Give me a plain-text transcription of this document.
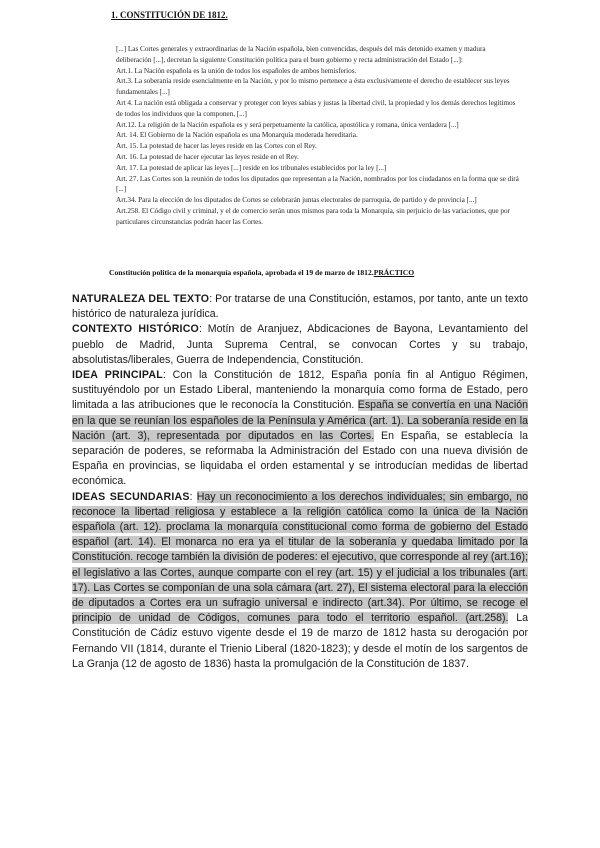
1. CONSTITUCIÓN DE 1812.

[...] Las Cortes generales y extraordinarias de la Nación española, bien convencidas, después del más detenido examen y madura deliberación [...], decretan la siguiente Constitución política para el buen gobierno y recta administración del Estado [...]:

Art.1. La Nación española es la unión de todos los españoles de ambos hemisferios.

Art.3. La soberanía reside esencialmente en la Nación, y por lo mismo pertenece a ésta exclusivamente el derecho de establecer sus leyes fundamentales [...]

Art 4. La nación está obligada a conservar y proteger con leyes sabias y justas la libertad civil, la propiedad y los demás derechos legítimos de todos los individuos que la componen, [...]

Art.12. La religión de la Nación española es y será perpetuamente la católica, apostólica y romana, única verdadera [...]

Art. 14. El Gobierno de la Nación española es una Monarquía moderada hereditaria.

Art. 15. La potestad de hacer las leyes reside en las Cortes con el Rey.

Art. 16. La potestad de hacer ejecutar las leyes reside en el Rey.

Art. 17. La potestad de aplicar las leyes [...] reside en los tribunales establecidos por la ley [...]

Art. 27. Las Cortes son la reunión de todos los diputados que representan a la Nación, nombrados por los ciudadanos en la forma que se dirá [...]

Art.34. Para la elección de los diputados de Cortes se celebrarán juntas electorales de parroquia, de partido y de provincia [...]

Art.258. El Código civil y criminal, y el de comercio serán unos mismos para toda la Monarquía, sin perjuicio de las variaciones, que por particulares circunstancias podrán hacer las Cortes.

Constitución política de la monarquía española, aprobada el 19 de marzo de 1812.PRÁCTICO

NATURALEZA DEL TEXTO: Por tratarse de una Constitución, estamos, por tanto, ante un texto histórico de naturaleza jurídica.

CONTEXTO HISTÓRICO: Motín de Aranjuez, Abdicaciones de Bayona, Levantamiento del pueblo de Madrid, Junta Suprema Central, se convocan Cortes y su trabajo, absolutistas/liberales, Guerra de Independencia, Constitución.

IDEA PRINCIPAL: Con la Constitución de 1812, España ponía fin al Antiguo Régimen, sustituyéndolo por un Estado Liberal, manteniendo la monarquía como forma de Estado, pero limitada a las atribuciones que le reconocía la Constitución. España se convertía en una Nación en la que se reunían los españoles de la Península y América (art. 1). La soberanía reside en la Nación (art. 3), representada por diputados en las Cortes. En España, se establecía la separación de poderes, se reformaba la Administración del Estado con una nueva división de España en provincias, se liquidaba el orden estamental y se introducían medidas de libertad económica.

IDEAS SECUNDARIAS: Hay un reconocimiento a los derechos individuales; sin embargo, no reconoce la libertad religiosa y establece a la religión católica como la única de la Nación española (art. 12). proclama la monarquía constitucional como forma de gobierno del Estado español (art. 14). El monarca no era ya el titular de la soberanía y quedaba limitado por la Constitución. recoge también la división de poderes: el ejecutivo, que corresponde al rey (art.16); el legislativo a las Cortes, aunque comparte con el rey (art. 15) y el judicial a los tribunales (art. 17). Las Cortes se componían de una sola cámara (art. 27), El sistema electoral para la elección de diputados a Cortes era un sufragio universal e indirecto (art.34). Por último, se recoge el principio de unidad de Códigos, comunes para todo el territorio español. (art.258). La Constitución de Cádiz estuvo vigente desde el 19 de marzo de 1812 hasta su derogación por Fernando VII (1814, durante el Trienio Liberal (1820-1823); y desde el motín de los sargentos de La Granja (12 de agosto de 1836) hasta la promulgación de la Constitución de 1837.
